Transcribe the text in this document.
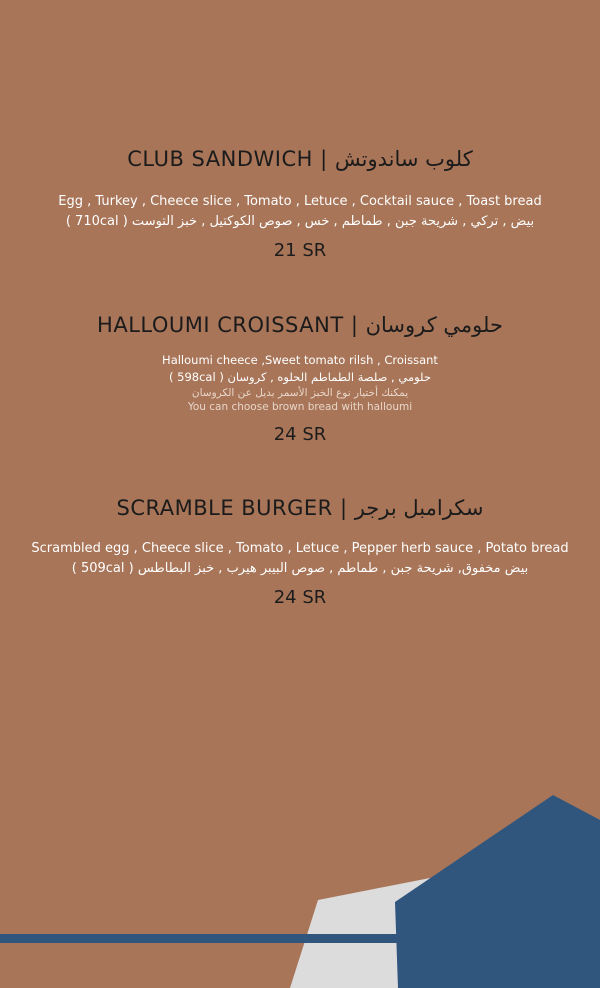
CLUB SANDWICH | كلوب ساندوتش
Egg , Turkey , Cheece slice , Tomato , Letuce , Cocktail sauce , Toast bread
بيض , تركي , شريحة جبن , طماطم , خس , صوص الكوكتيل , خبز التوست ( 710cal )
21 SR
HALLOUMI CROISSANT | حلومي كروسان
Halloumi cheece ,Sweet tomato rilsh , Croissant
حلومي , صلصة الطماطم الحلوه , كروسان ( 598cal )
يمكنك أختيار نوع الخبز الأسمر بديل عن الكروسان
You can choose brown bread with halloumi
24 SR
SCRAMBLE BURGER | سكرامبل برجر
Scrambled egg , Cheece slice , Tomato , Letuce , Pepper herb sauce , Potato bread
بيض مخفوق, شريحة جبن , طماطم , صوص البيبر هيرب , خبز البطاطس ( 509cal )
24 SR
